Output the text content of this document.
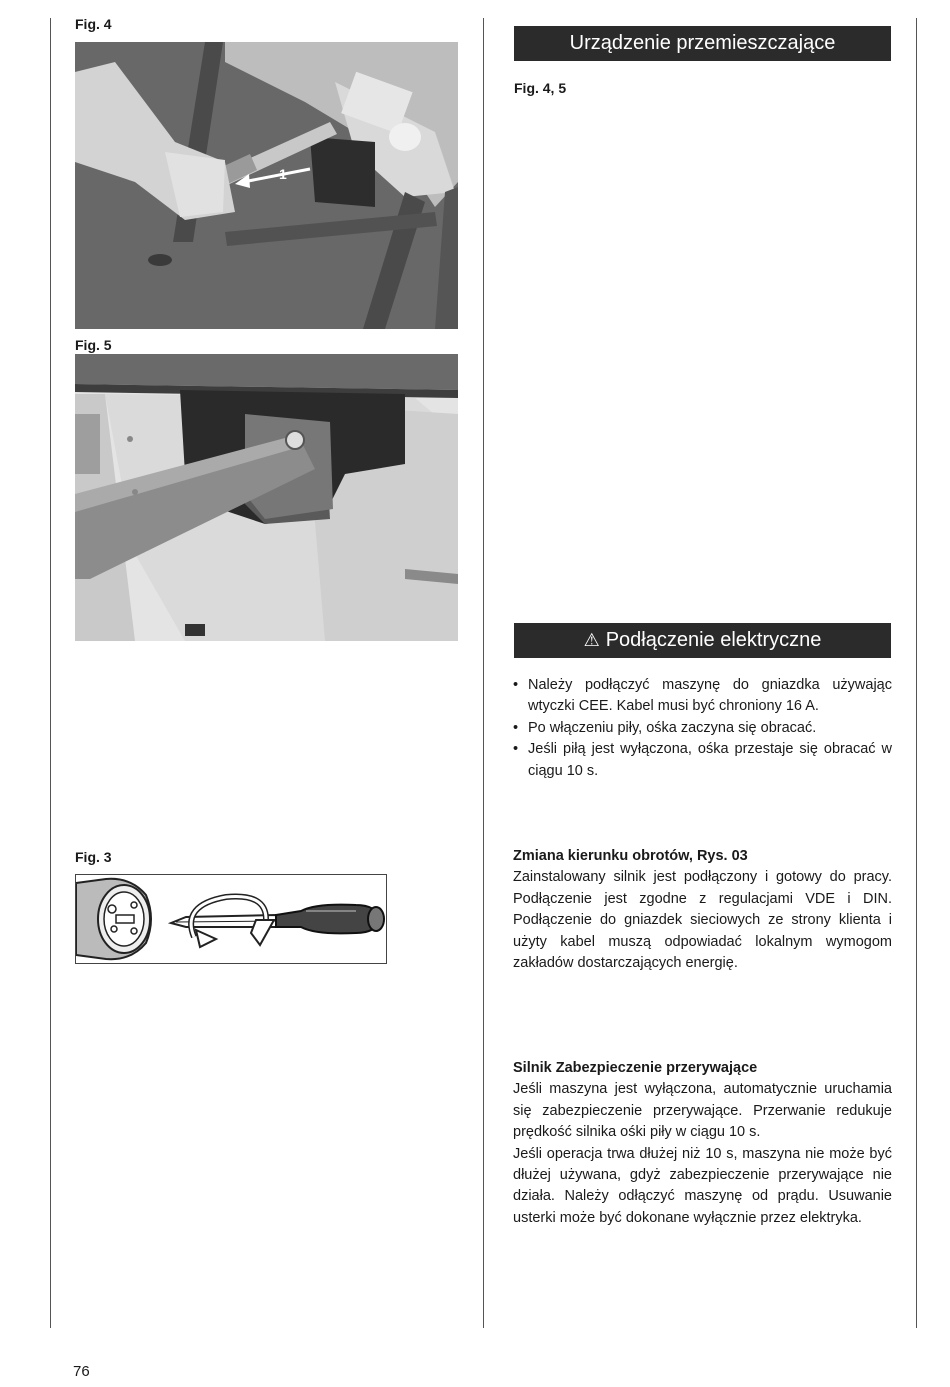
Fig. 4
1
Fig. 5
Fig. 3
Urządzenie przemieszczające
Fig. 4, 5
⚠ Podłączenie elektryczne
• Należy podłączyć maszynę do gniazdka używając wtyczki CEE. Kabel musi być chroniony 16 A.
• Po włączeniu piły, ośka zaczyna się obracać.
• Jeśli piłą jest wyłączona, ośka przestaje się obracać w ciągu 10 s.
Zmiana kierunku obrotów, Rys. 03

Zainstalowany silnik jest podłączony i gotowy do pracy. Podłączenie jest zgodne z regulacjami VDE i DIN. Podłączenie do gniazdek sieciowych ze strony klienta i użyty kabel muszą odpowiadać lokalnym wymogom zakładów dostarczających energię.

Silnik Zabezpieczenie przerywające

Jeśli maszyna jest wyłączona, automatycznie uruchamia się zabezpieczenie przerywające. Przerwanie redukuje prędkość silnika ośki piły w ciągu 10 s.

Jeśli operacja trwa dłużej niż 10 s, maszyna nie może być dłużej używana, gdyż zabezpieczenie przerywające nie działa. Należy odłączyć maszynę od prądu. Usuwanie usterki może być dokonane wyłącznie przez elektryka.

76
